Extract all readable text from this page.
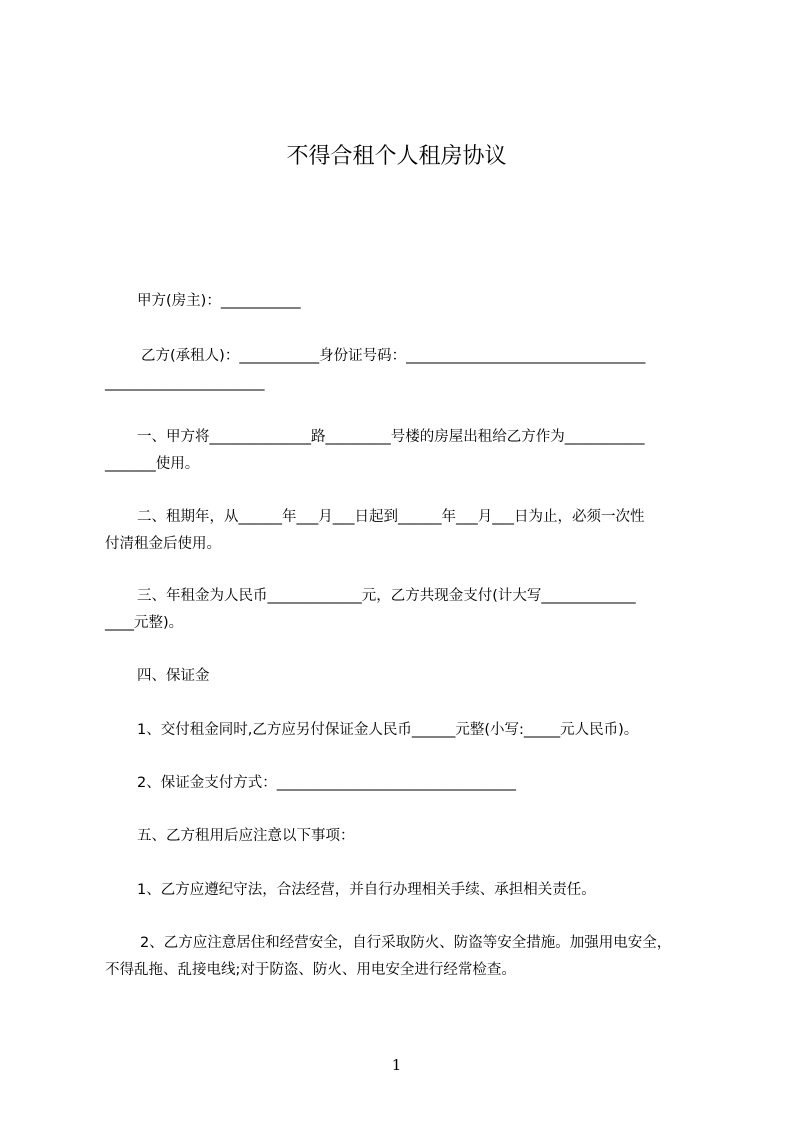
不得合租个人租房协议
甲方(房主)：___________
乙方(承租人)：___________身份证号码：_________________________________
______________________
一、甲方将______________路_________号楼的房屋出租给乙方作为___________
_______使用。
二、租期年，从______年___月___日起到______年___月___日为止，必须一次性
付清租金后使用。
三、年租金为人民币_____________元，乙方共现金支付(计大写_____________
____元整)。
四、保证金
1、交付租金同时,乙方应另付保证金人民币______元整(小写:_____元人民币)。
2、保证金支付方式：_________________________________
五、乙方租用后应注意以下事项：
1、乙方应遵纪守法，合法经营，并自行办理相关手续、承担相关责任。
2、乙方应注意居住和经营安全，自行采取防火、防盗等安全措施。加强用电安全，
不得乱拖、乱接电线;对于防盗、防火、用电安全进行经常检查。
1
